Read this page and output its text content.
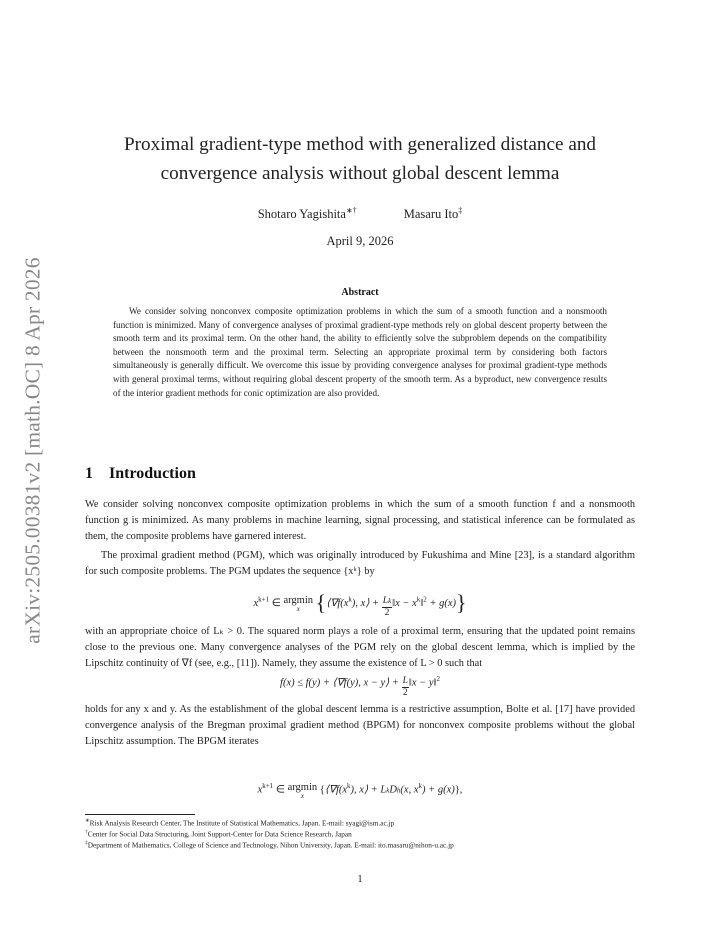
arXiv:2505.00381v2 [math.OC] 8 Apr 2026
Proximal gradient-type method with generalized distance and
convergence analysis without global descent lemma
Shotaro Yagishita∗†	Masaru Ito‡
April 9, 2026
Abstract
We consider solving nonconvex composite optimization problems in which the sum of a smooth function and a nonsmooth function is minimized. Many of convergence analyses of proximal gradient-type methods rely on global descent property between the smooth term and its proximal term. On the other hand, the ability to efficiently solve the subproblem depends on the compatibility between the nonsmooth term and the proximal term. Selecting an appropriate proximal term by considering both factors simultaneously is generally difficult. We overcome this issue by providing convergence analyses for proximal gradient-type methods with general proximal terms, without requiring global descent property of the smooth term. As a byproduct, new convergence results of the interior gradient methods for conic optimization are also provided.
1 Introduction
We consider solving nonconvex composite optimization problems in which the sum of a smooth function f and a nonsmooth function g is minimized. As many problems in machine learning, signal processing, and statistical inference can be formulated as them, the composite problems have garnered interest.
The proximal gradient method (PGM), which was originally introduced by Fukushima and Mine [23], is a standard algorithm for such composite problems. The PGM updates the sequence {xᵏ} by
$x^{k+1}$ ∈ argmin
x {$⟨\nabla f(x^k)$, x⟩ + $\frac{Lk}{2}‖x$ − $x^k‖^2 + g(x)$}
with an appropriate choice of Lₖ > 0. The squared norm plays a role of a proximal term, ensuring that the updated point remains close to the previous one. Many convergence analyses of the PGM rely on the global descent lemma, which is implied by the Lipschitz continuity of ∇f (see, e.g., [11]). Namely, they assume the existence of L > 0 such that
f(x) ≤ f(y) + ⟨∇f(y), x − y⟩ + $\frac{L}{2}‖x$ − y‖$^2$
holds for any x and y. As the establishment of the global descent lemma is a restrictive assumption, Bolte et al. [17] have provided convergence analysis of the Bregman proximal gradient method (BPGM) for nonconvex composite problems without the global Lipschitz assumption. The BPGM iterates
$x^{k+1}$ ∈ argmin
x	{$⟨\nabla f(x^k)$, x⟩ + LkDh(x, $x^k) + g(x)$},
∗Risk Analysis Research Center, The Institute of Statistical Mathematics, Japan. E-mail: syagi@ism.ac.jp
†Center for Social Data Structuring, Joint Support-Center for Data Science Research, Japan
‡Department of Mathematics, College of Science and Technology, Nihon University, Japan. E-mail: ito.masaru@nihon-u.ac.jp
1
